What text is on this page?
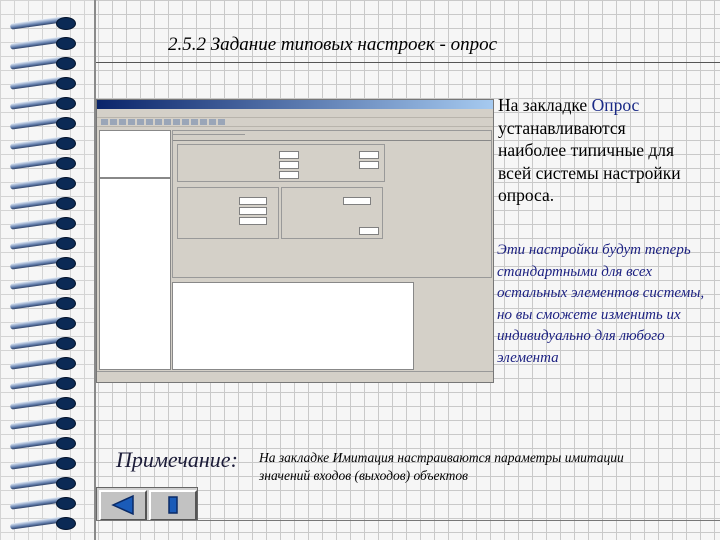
2.5.2 Задание типовых настроек - опрос
На закладке Опрос устанавливаются наиболее типичные для всей системы настройки опроса.
Эти настройки будут теперь стандартными для всех остальных элементов системы, но вы сможете изменить их индивидуально для любого элемента
Примечание: На закладке Имитация настраиваются параметры имитации значений входов (выходов) объектов
